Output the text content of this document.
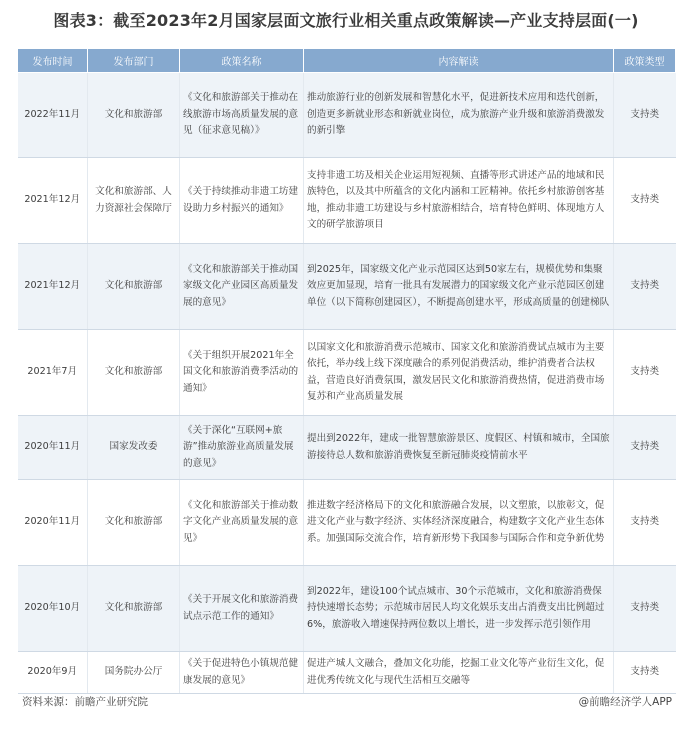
图表3：截至2023年2月国家层面文旅行业相关重点政策解读—产业支持层面(一)
发布时间	发布部门	政策名称	内容解读	政策类型
2022年11月	文化和旅游部	《文化和旅游部关于推动在线旅游市场高质量发展的意见（征求意见稿）》	推动旅游行业的创新发展和智慧化水平，促进新技术应用和迭代创新，创造更多新就业形态和新就业岗位，成为旅游产业升级和旅游消费激发的新引擎	支持类
2021年12月	文化和旅游部、人力资源社会保障厅	《关于持续推动非遗工坊建设助力乡村振兴的通知》	支持非遗工坊及相关企业运用短视频、直播等形式讲述产品的地域和民族特色，以及其中所蕴含的文化内涵和工匠精神。依托乡村旅游创客基地，推动非遗工坊建设与乡村旅游相结合，培育特色鲜明、体现地方人文的研学旅游项目	支持类
2021年12月	文化和旅游部	《文化和旅游部关于推动国家级文化产业园区高质量发展的意见》	到2025年，国家级文化产业示范园区达到50家左右，规模优势和集聚效应更加显现，培育一批具有发展潜力的国家级文化产业示范园区创建单位（以下简称创建园区），不断提高创建水平，形成高质量的创建梯队	支持类
2021年7月	文化和旅游部	《关于组织开展2021年全国文化和旅游消费季活动的通知》	以国家文化和旅游消费示范城市、国家文化和旅游消费试点城市为主要依托，举办线上线下深度融合的系列促消费活动，维护消费者合法权益，营造良好消费氛围，激发居民文化和旅游消费热情，促进消费市场复苏和产业高质量发展	支持类
2020年11月	国家发改委	《关于深化“互联网+旅游”推动旅游业高质量发展的意见》	提出到2022年，建成一批智慧旅游景区、度假区、村镇和城市，全国旅游接待总人数和旅游消费恢复至新冠肺炎疫情前水平	支持类
2020年11月	文化和旅游部	《文化和旅游部关于推动数字文化产业高质量发展的意见》	推进数字经济格局下的文化和旅游融合发展，以文塑旅，以旅彰文，促进文化产业与数字经济、实体经济深度融合，构建数字文化产业生态体系。加强国际交流合作，培育新形势下我国参与国际合作和竞争新优势	支持类
2020年10月	文化和旅游部	《关于开展文化和旅游消费试点示范工作的通知》	到2022年，建设100个试点城市、30个示范城市，文化和旅游消费保持快速增长态势；示范城市居民人均文化娱乐支出占消费支出比例超过6%，旅游收入增速保持两位数以上增长，进一步发挥示范引领作用	支持类
2020年9月	国务院办公厅	《关于促进特色小镇规范健康发展的意见》	促进产城人文融合，叠加文化功能，挖掘工业文化等产业衍生文化，促进优秀传统文化与现代生活相互交融等	支持类
资料来源：前瞻产业研究院	@前瞻经济学人APP
